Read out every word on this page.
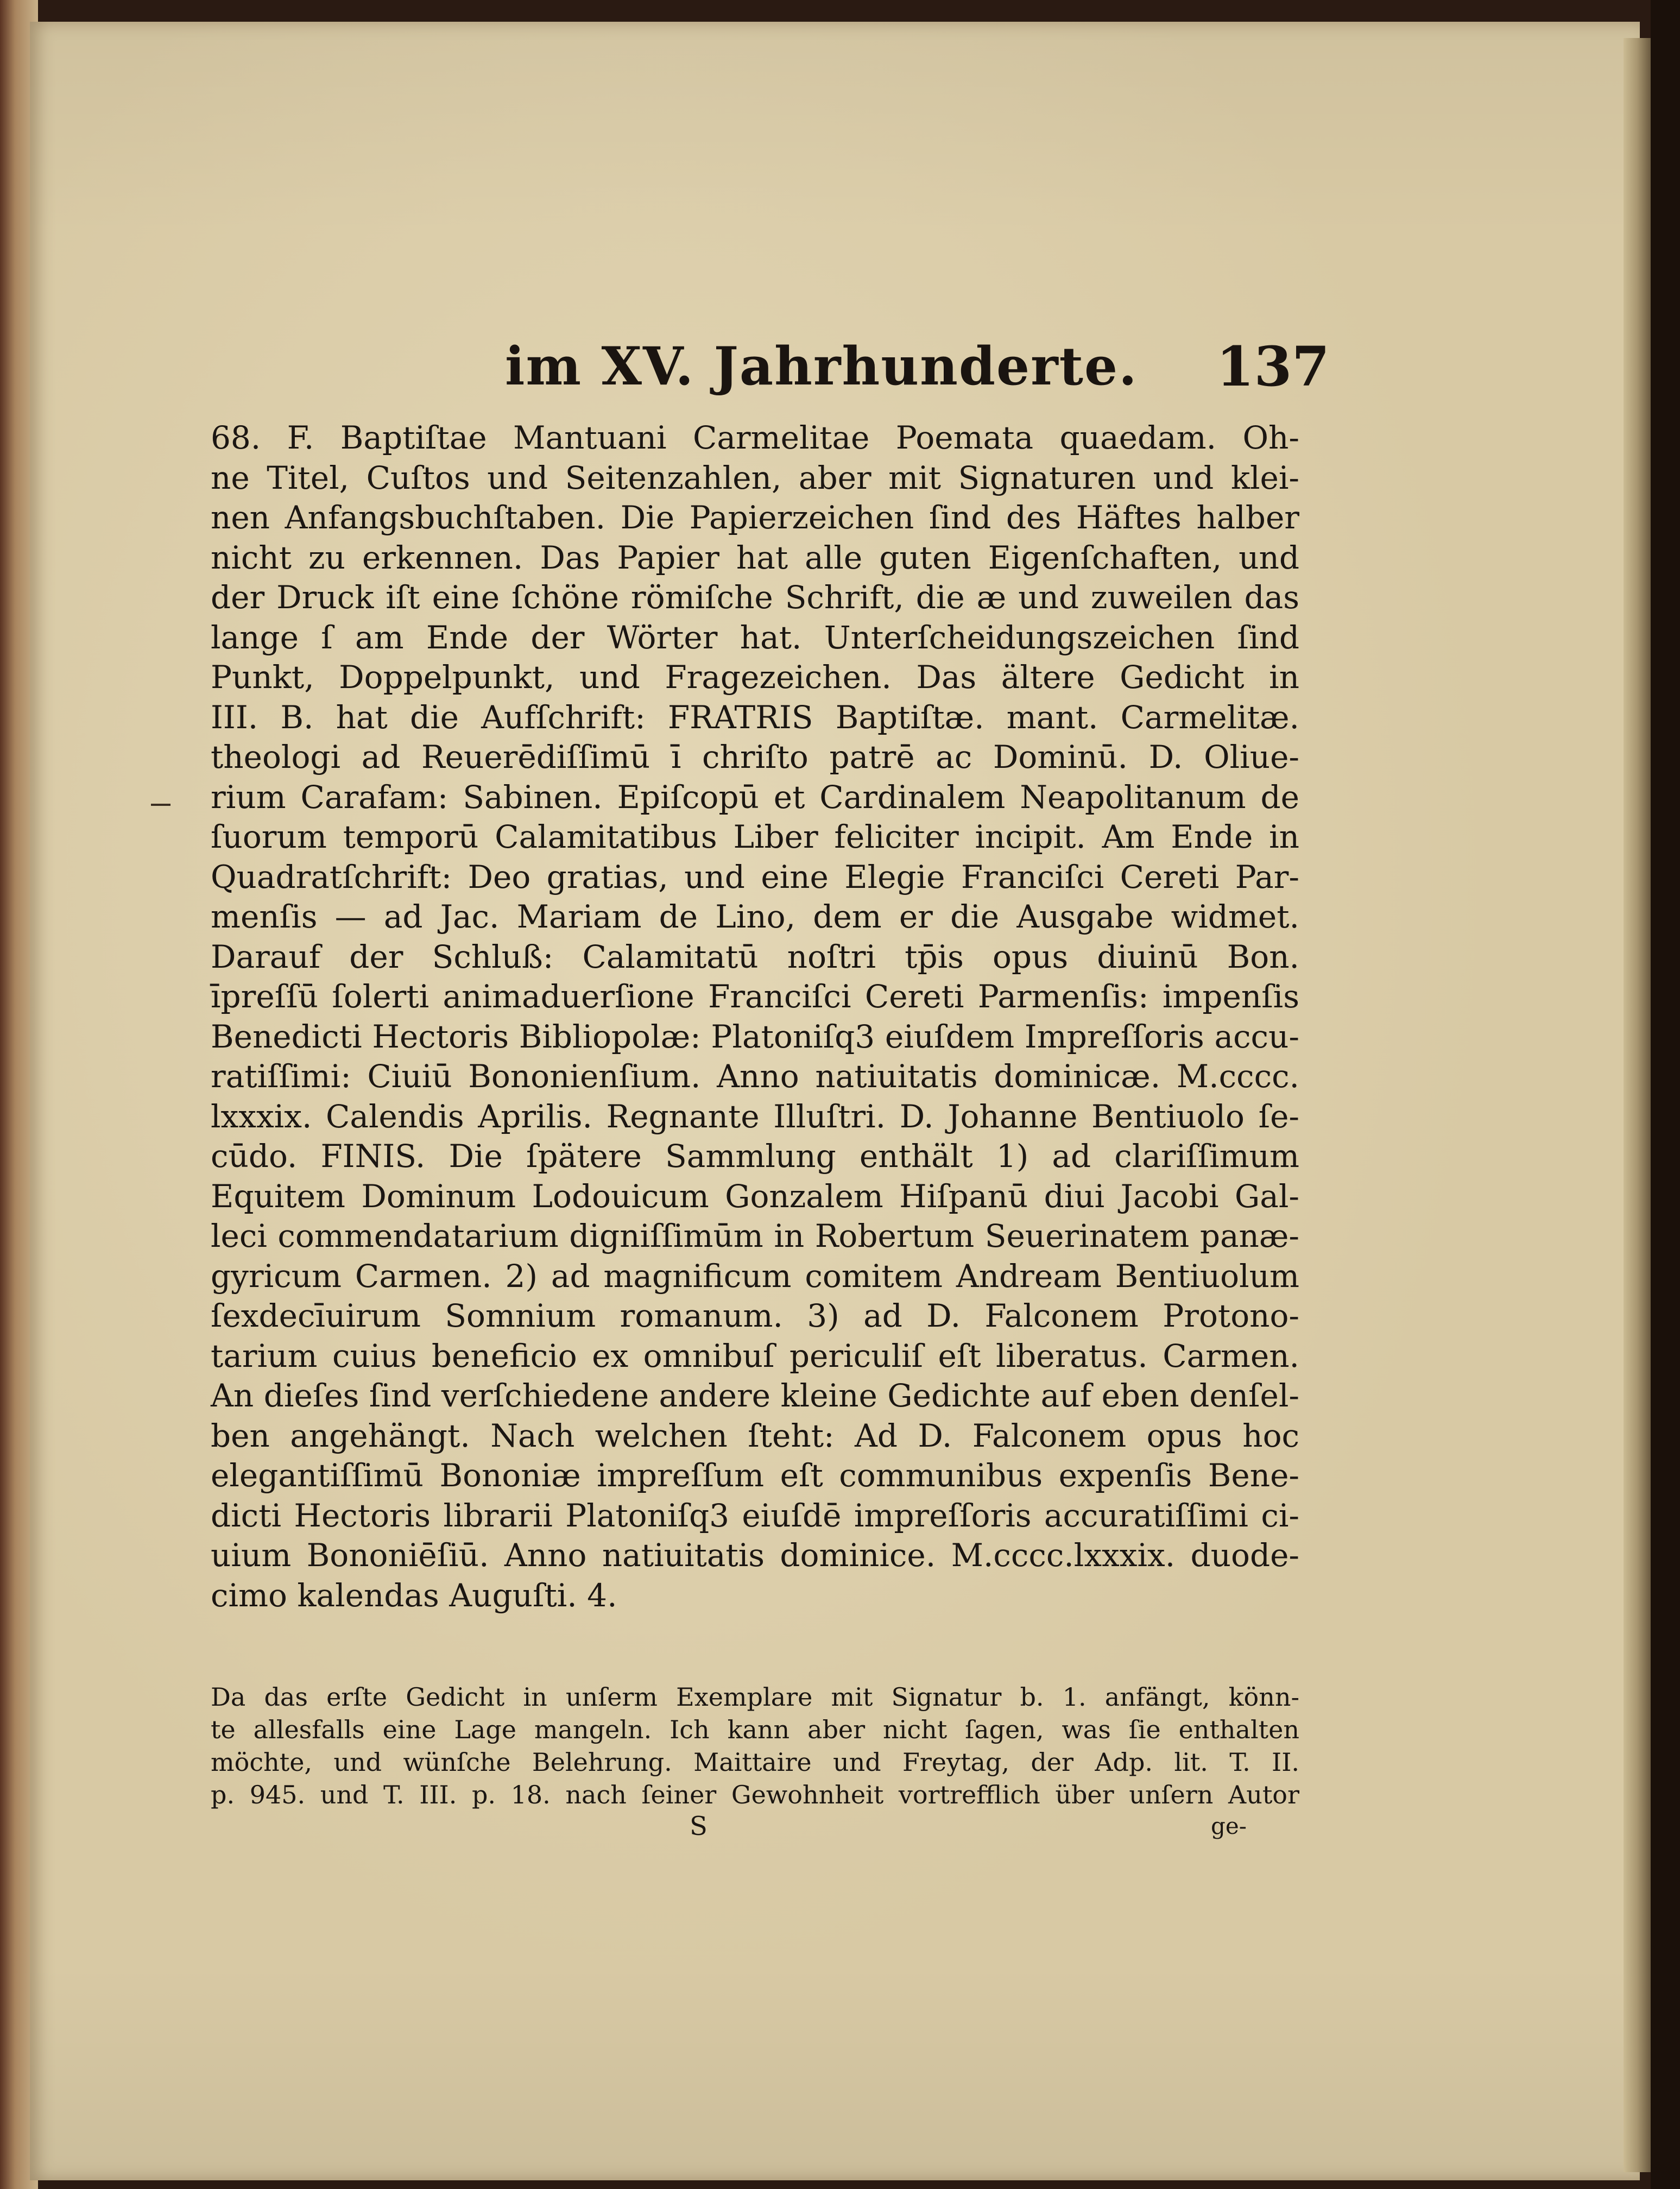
im XV. Jahrhunderte. 137
68. F. Baptiſtae Mantuani Carmelitae Poemata quaedam. Oh-
ne Titel, Cuſtos und Seitenzahlen, aber mit Signaturen und klei-
nen Anfangsbuchſtaben. Die Papierzeichen ſind des Häftes halber
nicht zu erkennen. Das Papier hat alle guten Eigenſchaften, und
der Druck iſt eine ſchöne römiſche Schrift, die æ und zuweilen das
lange ſ am Ende der Wörter hat. Unterſcheidungszeichen ſind
Punkt, Doppelpunkt, und Fragezeichen. Das ältere Gedicht in
III. B. hat die Aufſchrift: FRATRIS Baptiſtæ. mant. Carmelitæ.
theologi ad Reuerēdiſſimū ī chriſto patrē ac Dominū. D. Oliue-
rium Carafam: Sabinen. Epiſcopū et Cardinalem Neapolitanum de
ſuorum temporū Calamitatibus Liber feliciter incipit. Am Ende in
Quadratſchrift: Deo gratias, und eine Elegie Franciſci Cereti Par-
menſis — ad Jac. Mariam de Lino, dem er die Ausgabe widmet.
Darauf der Schluß: Calamitatū noſtri tp̄is opus diuinū Bon.
īpreſſū ſolerti animaduerſione Franciſci Cereti Parmenſis: impenſis
Benedicti Hectoris Bibliopolæ: Platoniſq3 eiuſdem Impreſſoris accu-
ratiſſimi: Ciuiū Bononienſium. Anno natiuitatis dominicæ. M.cccc.
lxxxix. Calendis Aprilis. Regnante Illuſtri. D. Johanne Bentiuolo ſe-
cūdo. FINIS. Die ſpätere Sammlung enthält 1) ad clariſſimum
Equitem Dominum Lodouicum Gonzalem Hiſpanū diui Jacobi Gal-
leci commendatarium digniſſimūm in Robertum Seuerinatem panæ-
gyricum Carmen. 2) ad magnificum comitem Andream Bentiuolum
ſexdecīuirum Somnium romanum. 3) ad D. Falconem Protono-
tarium cuius beneficio ex omnibuſ periculiſ eſt liberatus. Carmen.
An dieſes ſind verſchiedene andere kleine Gedichte auf eben denſel-
ben angehängt. Nach welchen ſteht: Ad D. Falconem opus hoc
elegantiſſimū Bononiæ impreſſum eſt communibus expenſis Bene-
dicti Hectoris librarii Platoniſq3 eiuſdē impreſſoris accuratiſſimi ci-
uium Bononiēſiū. Anno natiuitatis dominice. M.cccc.lxxxix. duode-
cimo kalendas Auguſti. 4.
Da das erſte Gedicht in unſerm Exemplare mit Signatur b. 1. anfängt, könn-
te allesfalls eine Lage mangeln. Ich kann aber nicht ſagen, was ſie enthalten
möchte, und wünſche Belehrung. Maittaire und Freytag, der Adp. lit. T. II.
p. 945. und T. III. p. 18. nach ſeiner Gewohnheit vortrefflich über unſern Autor
S	ge-
